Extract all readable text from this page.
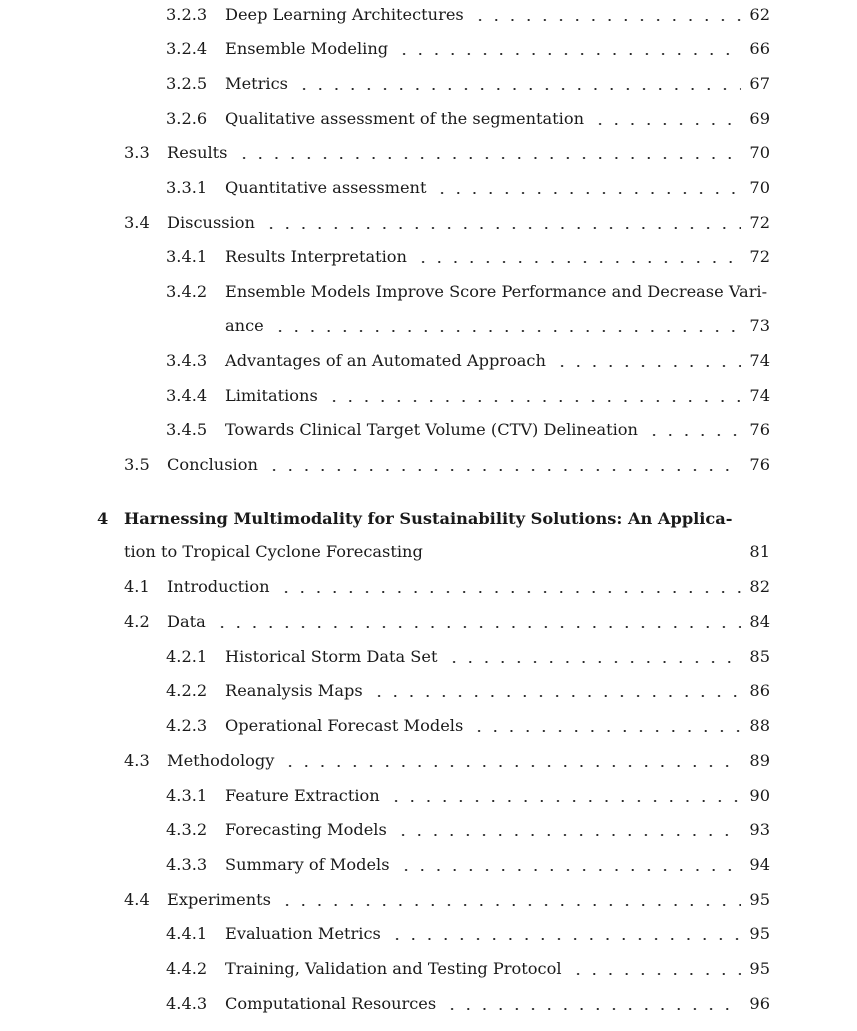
3.2.3 Deep Learning Architectures	62
3.2.4 Ensemble Modeling	66
3.2.5 Metrics	67
3.2.6 Qualitative assessment of the segmentation	69
3.3 Results	70
3.3.1 Quantitative assessment	70
3.4 Discussion	72
3.4.1 Results Interpretation	72
3.4.2 Ensemble Models Improve Score Performance and Decrease Vari-
ance	73
3.4.3 Advantages of an Automated Approach	74
3.4.4 Limitations	74
3.4.5 Towards Clinical Target Volume (CTV) Delineation	76
3.5 Conclusion	76
4 Harnessing Multimodality for Sustainability Solutions: An Applica-
tion to Tropical Cyclone Forecasting	81
4.1 Introduction	82
4.2 Data	84
4.2.1 Historical Storm Data Set	85
4.2.2 Reanalysis Maps	86
4.2.3 Operational Forecast Models	88
4.3 Methodology	89
4.3.1 Feature Extraction	90
4.3.2 Forecasting Models	93
4.3.3 Summary of Models	94
4.4 Experiments	95
4.4.1 Evaluation Metrics	95
4.4.2 Training, Validation and Testing Protocol	95
4.4.3 Computational Resources	96
